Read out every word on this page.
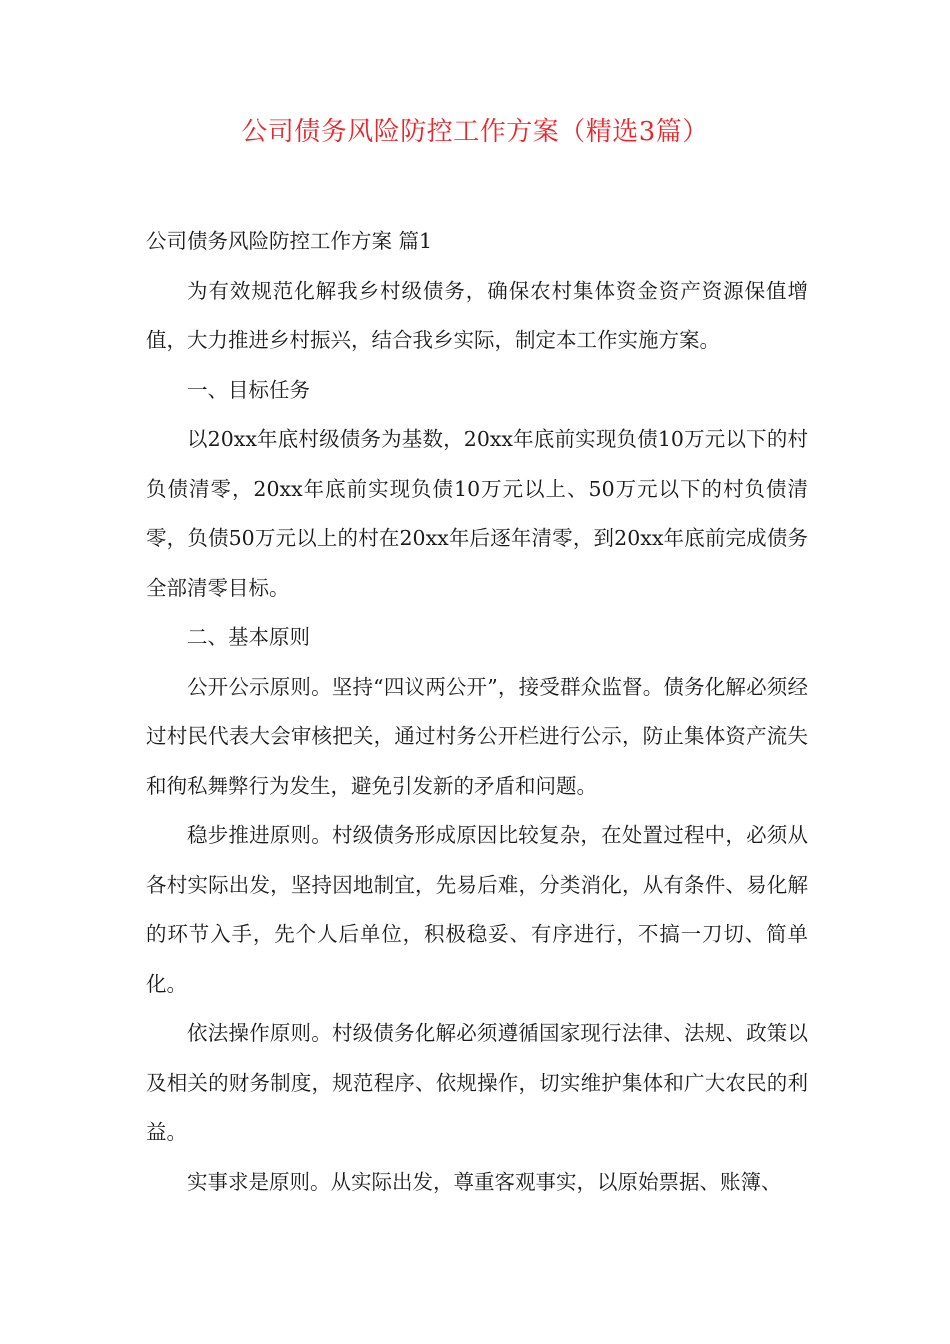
公司债务风险防控工作方案（精选3篇）

公司债务风险防控工作方案 篇1

为有效规范化解我乡村级债务，确保农村集体资金资产资源保值增值，大力推进乡村振兴，结合我乡实际，制定本工作实施方案。

一、目标任务

以20xx年底村级债务为基数，20xx年底前实现负债10万元以下的村负债清零，20xx年底前实现负债10万元以上、50万元以下的村负债清零，负债50万元以上的村在20xx年后逐年清零，到20xx年底前完成债务全部清零目标。

二、基本原则

公开公示原则。坚持“四议两公开”，接受群众监督。债务化解必须经过村民代表大会审核把关，通过村务公开栏进行公示，防止集体资产流失和徇私舞弊行为发生，避免引发新的矛盾和问题。

稳步推进原则。村级债务形成原因比较复杂，在处置过程中，必须从各村实际出发，坚持因地制宜，先易后难，分类消化，从有条件、易化解的环节入手，先个人后单位，积极稳妥、有序进行，不搞一刀切、简单化。

依法操作原则。村级债务化解必须遵循国家现行法律、法规、政策以及相关的财务制度，规范程序、依规操作，切实维护集体和广大农民的利益。

实事求是原则。从实际出发，尊重客观事实，以原始票据、账簿、
